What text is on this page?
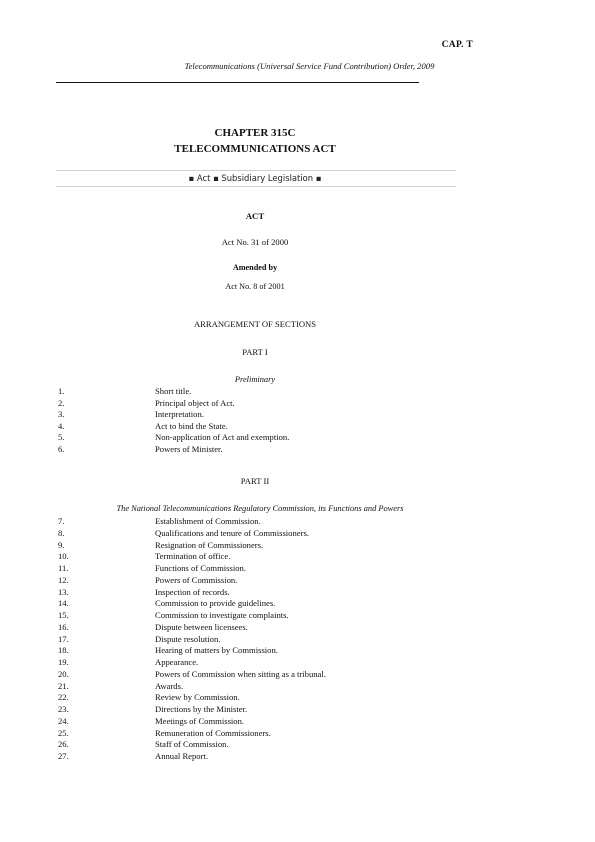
CAP. T
Telecommunications (Universal Service Fund Contribution) Order, 2009
CHAPTER 315C
TELECOMMUNICATIONS ACT
▪ Act ▪ Subsidiary Legislation ▪
ACT
Act No. 31 of 2000
Amended by
Act No. 8 of 2001
ARRANGEMENT OF SECTIONS
PART I
Preliminary
PART II
The National Telecommunications Regulatory Commission, its Functions and Powers
1.	Short title.
2.	Principal object of Act.
3.	Interpretation.
4.	Act to bind the State.
5.	Non-application of Act and exemption.
6.	Powers of Minister.
7.	Establishment of Commission.
8.	Qualifications and tenure of Commissioners.
9.	Resignation of Commissioners.
10.	Termination of office.
11.	Functions of Commission.
12.	Powers of Commission.
13.	Inspection of records.
14.	Commission to provide guidelines.
15.	Commission to investigate complaints.
16.	Dispute between licensees.
17.	Dispute resolution.
18.	Hearing of matters by Commission.
19.	Appearance.
20.	Powers of Commission when sitting as a tribunal.
21.	Awards.
22.	Review by Commission.
23.	Directions by the Minister.
24.	Meetings of Commission.
25.	Remuneration of Commissioners.
26.	Staff of Commission.
27.	Annual Report.
